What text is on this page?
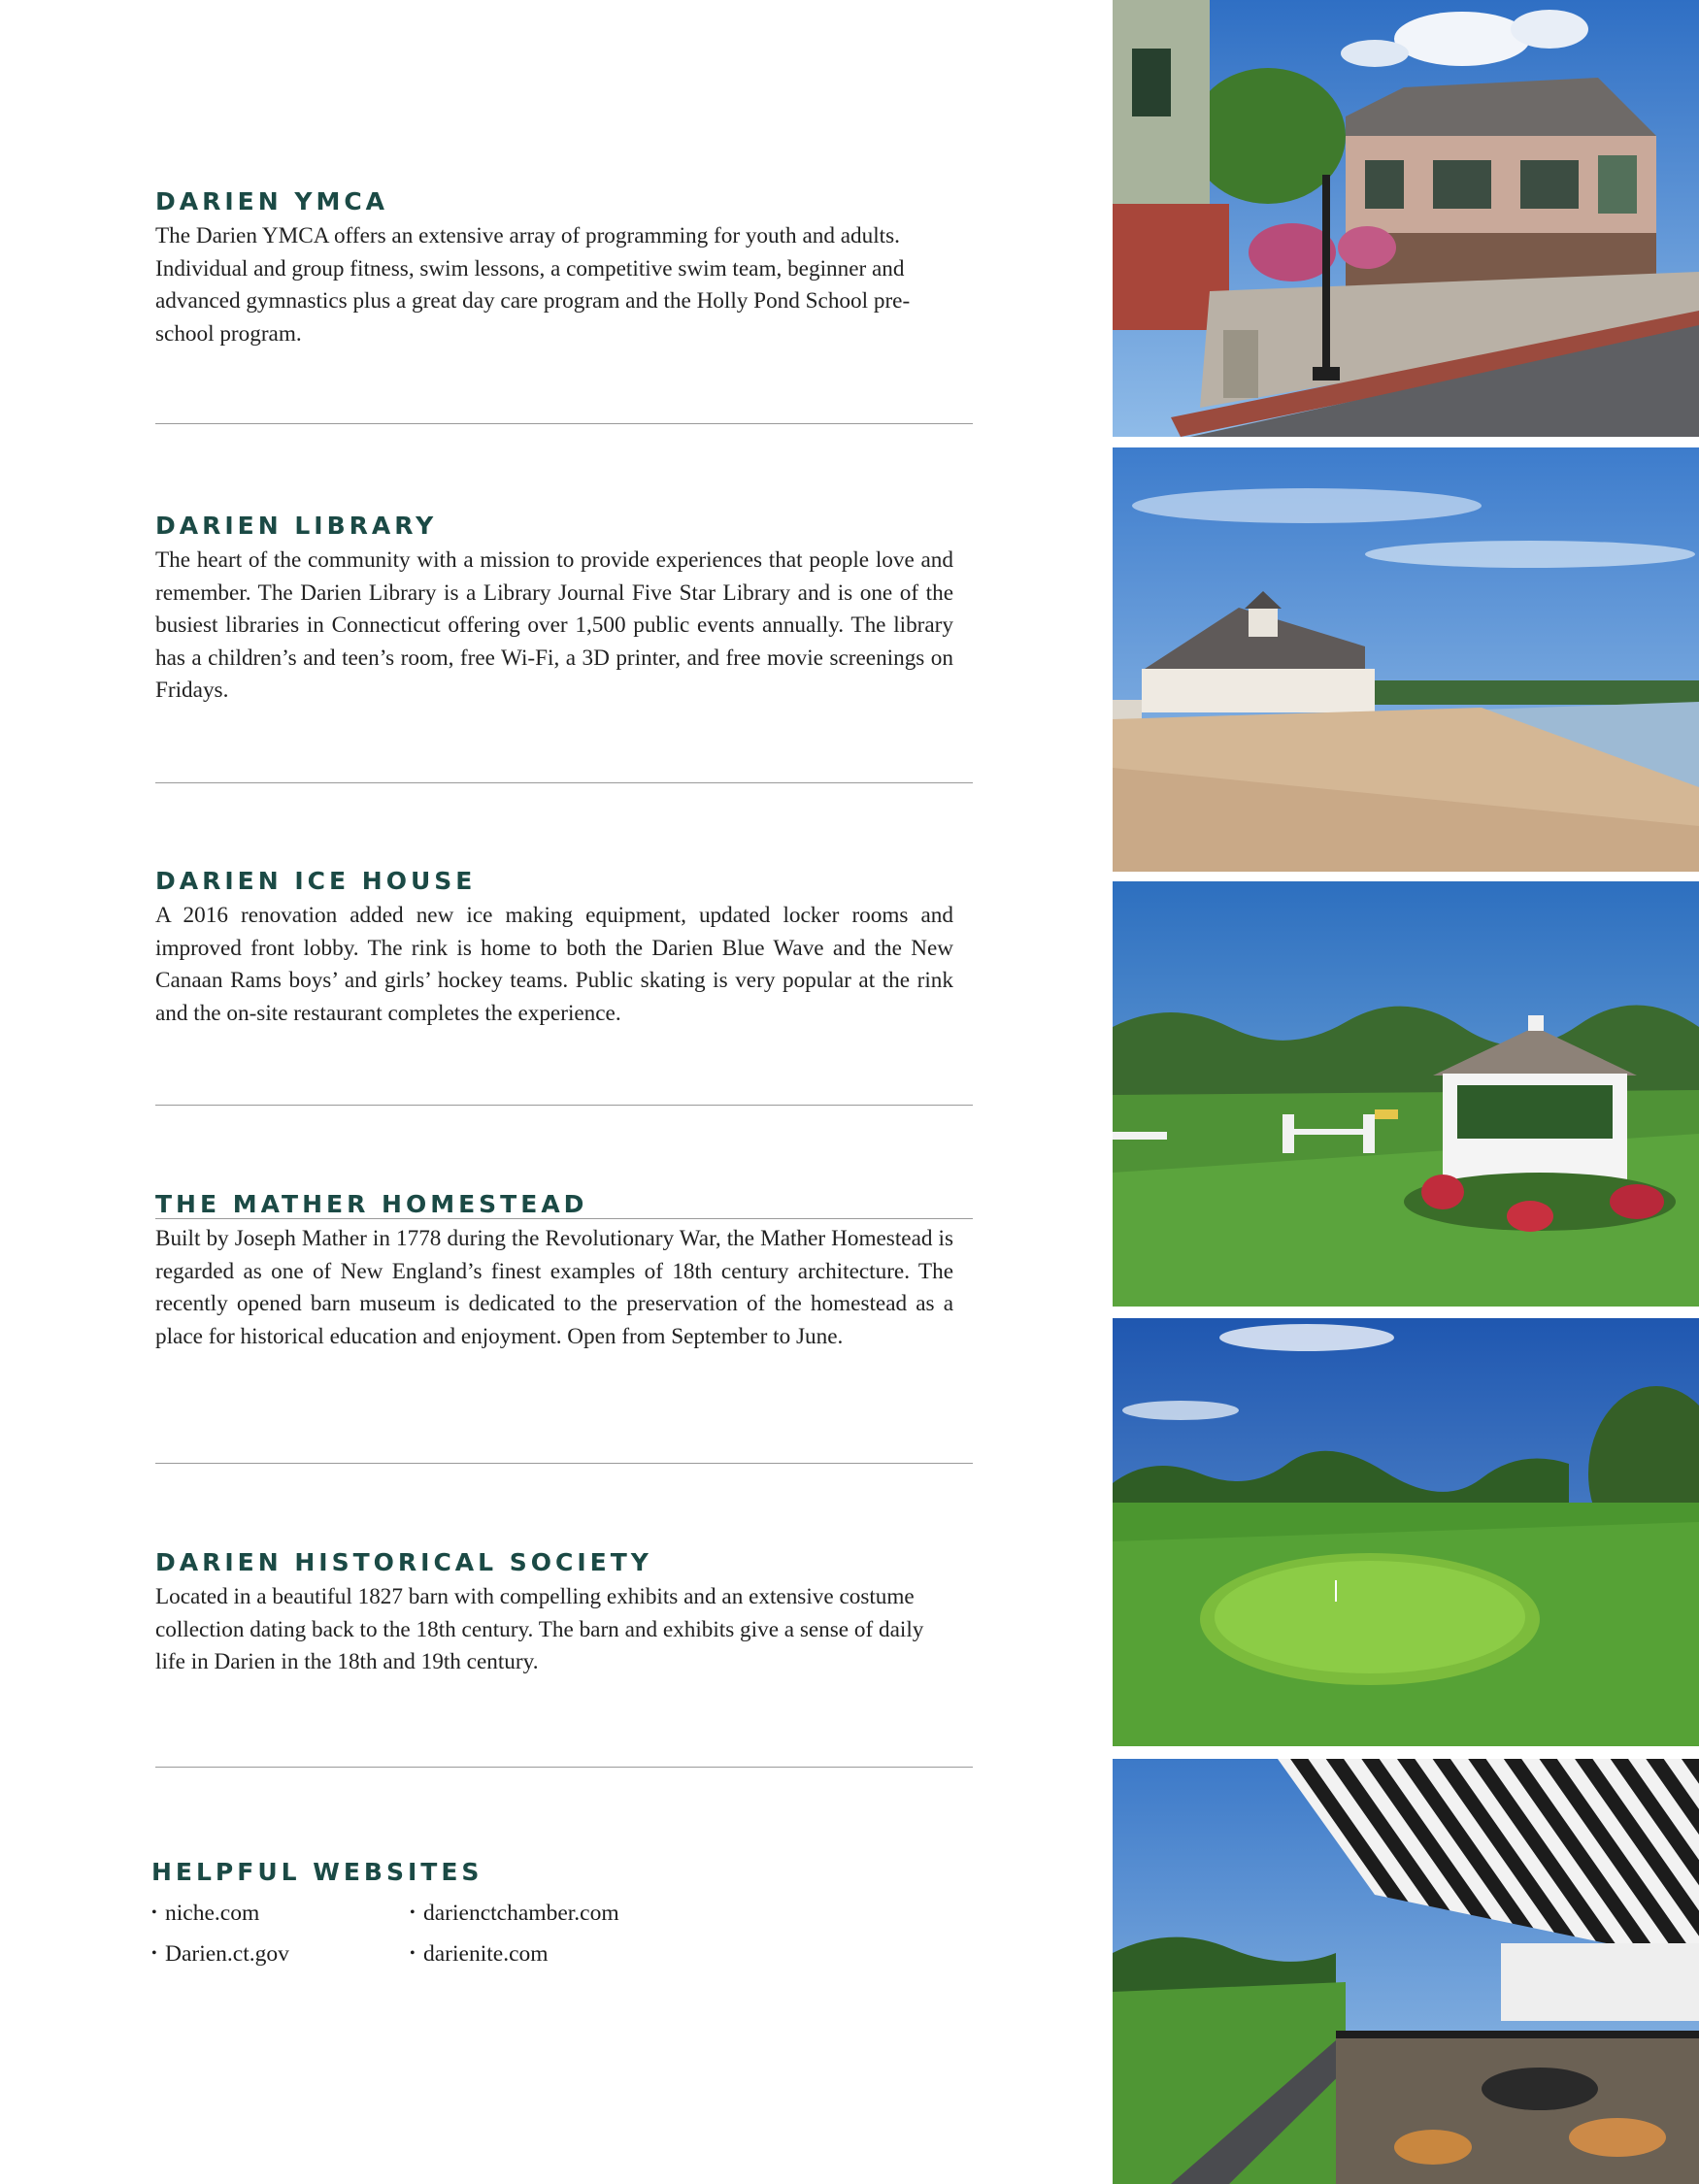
DARIEN YMCA
The Darien YMCA offers an extensive array of programming for youth and adults. Individual and group fitness, swim lessons, a competitive swim team, beginner and advanced gymnastics plus a great day care program and the Holly Pond School pre-school program.
DARIEN LIBRARY
The heart of the community with a mission to provide experiences that people love and remember. The Darien Library is a Library Journal Five Star Library and is one of the busiest libraries in Connecticut offering over 1,500 public events annually. The library has a children’s and teen’s room, free Wi-Fi, a 3D printer, and free movie screenings on Fridays.
DARIEN ICE HOUSE
A 2016 renovation added new ice making equipment, updated locker rooms and improved front lobby. The rink is home to both the Darien Blue Wave and the New Canaan Rams boys’ and girls’ hockey teams. Public skating is very popular at the rink and the on-site restaurant completes the experience.
THE MATHER HOMESTEAD
Built by Joseph Mather in 1778 during the Revolutionary War, the Mather Homestead is regarded as one of New England’s finest examples of 18th century architecture. The recently opened barn museum is dedicated to the preservation of the homestead as a place for historical education and enjoyment. Open from September to June.
DARIEN HISTORICAL SOCIETY
Located in a beautiful 1827 barn with compelling exhibits and an extensive costume collection dating back to the 18th century. The barn and exhibits give a sense of daily life in Darien in the 18th and 19th century.
HELPFUL WEBSITES
• niche.com	• darienctchamber.com
• Darien.ct.gov	• darienite.com
